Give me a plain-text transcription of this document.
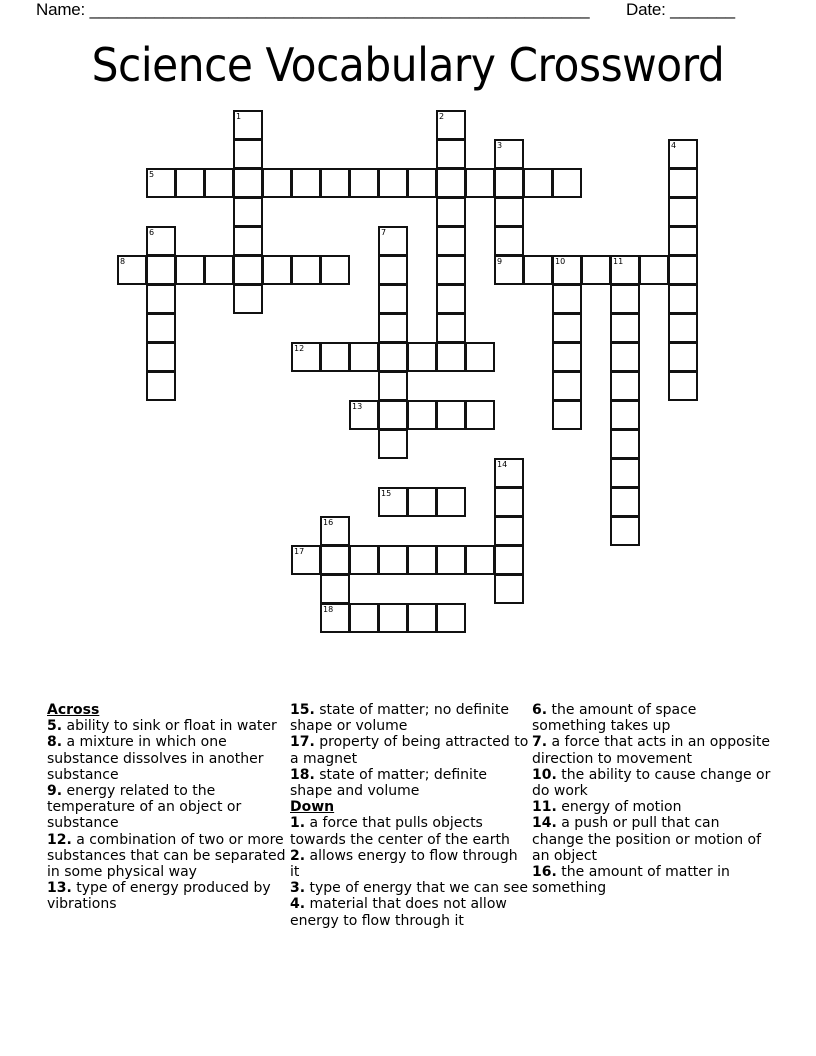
Name: ______________________________________________________ Date: _______
Science Vocabulary Crossword
1	2
3
9
4
5
6	7
8	10	11
12
13
14
15
16
18
17
Across
5. ability to sink or float in water
8. a mixture in which one substance dissolves in another substance
9. energy related to the temperature of an object or substance
12. a combination of two or more substances that can be separated in some physical way
13. type of energy produced by vibrations
15. state of matter; no definite shape or volume
17. property of being attracted to a magnet
18. state of matter; definite shape and volume
Down
1. a force that pulls objects towards the center of the earth
2. allows energy to flow through it
3. type of energy that we can see
4. material that does not allow energy to flow through it
6. the amount of space something takes up
7. a force that acts in an opposite direction to movement
10. the ability to cause change or do work
11. energy of motion
14. a push or pull that can change the position or motion of an object
16. the amount of matter in something
